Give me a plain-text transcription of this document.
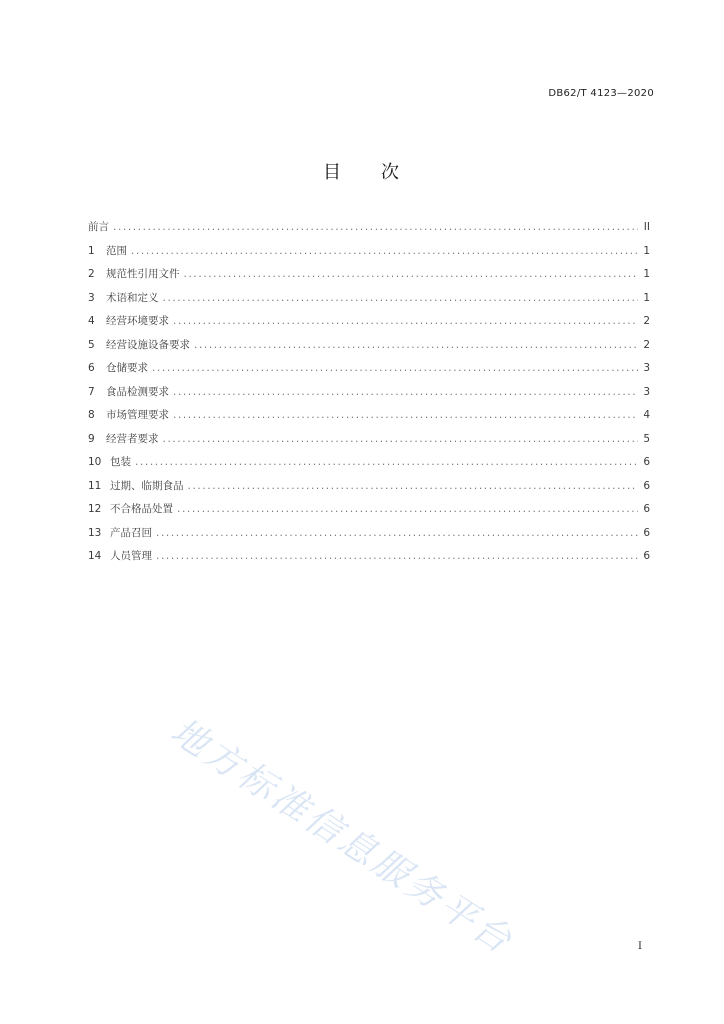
DB62/T 4123—2020
目 次
前言 .....	II
1	范围 .....	1
2	规范性引用文件 .....	1
3	术语和定义 .....	1
4	经营环境要求 .....	2
5	经营设施设备要求 .....	2
6	仓储要求 .....	3
7	食品检测要求 .....	3
8	市场管理要求 .....	4
9	经营者要求 .....	5
10 包装 .....	6
11 过期、临期食品 .....	6
12 不合格品处置 .....	6
13 产品召回 .....	6
14 人员管理 .....	6
地方标准信息服务平台	I
